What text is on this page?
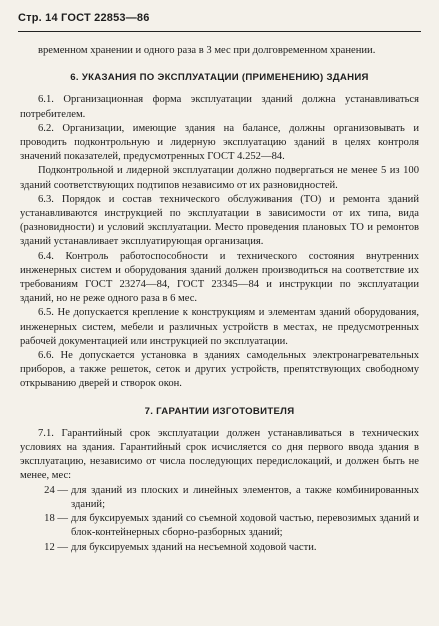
Стр. 14 ГОСТ 22853—86

временном хранении и одного раза в 3 мес при долговременном хранении.

6. УКАЗАНИЯ ПО ЭКСПЛУАТАЦИИ (ПРИМЕНЕНИЮ) ЗДАНИЯ

6.1. Организационная форма эксплуатации зданий должна устанавливаться потребителем.

6.2. Организации, имеющие здания на балансе, должны организовывать и проводить подконтрольную и лидерную эксплуатацию зданий в целях контроля значений показателей, предусмотренных ГОСТ 4.252—84.

Подконтрольной и лидерной эксплуатации должно подвергаться не менее 5 из 100 зданий соответствующих подтипов независимо от их разновидностей.

6.3. Порядок и состав технического обслуживания (ТО) и ремонта зданий устанавливаются инструкцией по эксплуатации в зависимости от их типа, вида (разновидности) и условий эксплуатации. Место проведения плановых ТО и ремонтов зданий устанавливает эксплуатирующая организация.

6.4. Контроль работоспособности и технического состояния внутренних инженерных систем и оборудования зданий должен производиться на соответствие их требованиям ГОСТ 23274—84, ГОСТ 23345—84 и инструкции по эксплуатации зданий, но не реже одного раза в 6 мес.

6.5. Не допускается крепление к конструкциям и элементам зданий оборудования, инженерных систем, мебели и различных устройств в местах, не предусмотренных рабочей документацией или инструкцией по эксплуатации.

6.6. Не допускается установка в зданиях самодельных электронагревательных приборов, а также решеток, сеток и других устройств, препятствующих свободному открыванию дверей и створок окон.

7. ГАРАНТИИ ИЗГОТОВИТЕЛЯ

7.1. Гарантийный срок эксплуатации должен устанавливаться в технических условиях на здания. Гарантийный срок исчисляется со дня первого ввода здания в эксплуатацию, независимо от числа последующих передислокаций, и должен быть не менее, мес:

24 — для зданий из плоских и линейных элементов, а также комбинированных зданий;
18 — для буксируемых зданий со съемной ходовой частью, перевозимых зданий и блок-контейнерных сборно-разборных зданий;
12 — для буксируемых зданий на несъемной ходовой части.
